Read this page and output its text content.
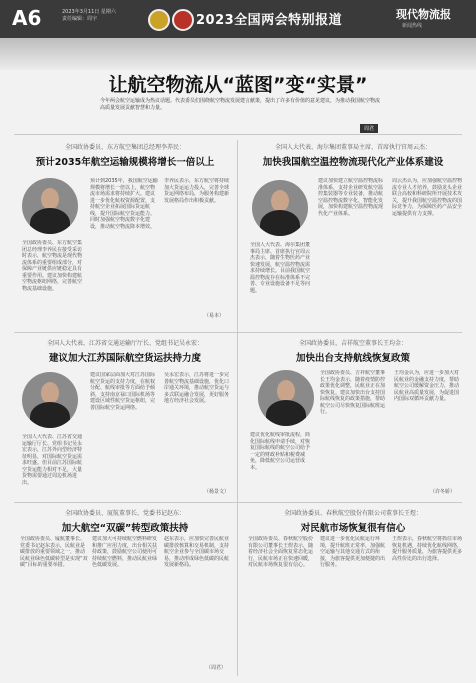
A6	2023年3月11日 星期六
责任编辑：周宇	2023全国两会特别报道	现代物流报
新闻热线
让航空物流从“蓝图”变“实景”
今年两会航空运输成为热议话题。代表委员们围绕航空物流发展建言献策，提出了许多有价值的意见建议，为推动我国航空物流高质量发展贡献智慧和力量。
周君
全国政协委员、东方航空集团总经理李养民：
预计2035年航空运输规模将增长一倍以上
全国政协委员、东方航空集团总经理李养民在接受采访时表示，航空物流是现代物流体系的重要组成部分，对保障产业链供应链稳定具有重要作用。建议加快构建航空物流枢纽网络，完善航空物流基础设施。
预计到2035年，我国航空运输规模将增长一倍以上，航空物流市场需求将持续扩大。建议进一步优化航权资源配置，支持航空企业拓展国际货运航线，提升国际航空货运能力。同时加强航空物流数字化建设，推动航空物流降本增效。
李养民表示，东方航空将持续加大货运运力投入，完善全球货运网络布局，为服务构建新发展格局作出积极贡献。
（易本）
全国人大代表、海尔集团董事局主席、首席执行官周云杰：
加快我国航空温控物流现代化产业体系建设
全国人大代表、海尔集团董事局主席、首席执行官周云杰表示，随着生物医药产业快速发展，航空温控物流需求持续增长。目前我国航空温控物流存在标准体系不完善、专业设施设备不足等问题。
建议加快建立航空温控物流标准体系，支持企业研发航空温控集装器等专业装备，推动航空温控物流数字化、智能化发展，加快构建航空温控物流现代化产业体系。
周云杰认为，应加强航空温控物流专业人才培养，鼓励龙头企业联合高校和科研院所开展技术攻关，提升我国航空温控物流的国际竞争力，为保障医药产品安全运输提供有力支撑。
全国人大代表、江苏省交通运输厅厅长、党组书记吴永宏：
建议加大江苏国际航空货运扶持力度
全国人大代表、江苏省交通运输厅厅长、党组书记吴永宏表示，江苏外向型经济特征明显，对国际航空货运需求旺盛。但目前江苏国际航空货运能力相对不足，大量货物需要通过周边机场进出。
建议国家层面加大对江苏国际航空货运的支持力度，在航权分配、航线审批等方面给予倾斜，支持南京禄口国际机场等建设区域性航空货运枢纽，完善国际航空货运网络。
吴永宏表示，江苏将进一步完善航空物流基础设施，优化口岸通关环境，推动航空货运与多式联运融合发展，更好服务地方经济社会发展。
（杨景文）
全国政协委员、吉祥航空董事长王均金：
加快出台支持航线恢复政策
全国政协委员、吉祥航空董事长王均金表示，随着疫情防控政策优化调整，民航业正在加快恢复。建议加快出台支持国际航线恢复的政策措施，帮助航空公司尽快恢复国际航班运行。
建议优化航线审批流程，简化国际航线申请手续，对恢复国际航线的航空公司给予一定的财政补贴和税费减免，降低航空公司运营成本。
王均金认为，应进一步加大对民航业的金融支持力度，帮助航空公司缓解资金压力，推动民航业高质量发展，为促进国内国际双循环贡献力量。
（许冬娇）
全国政协委员、厦航董事长、党委书记赵东：
加大航空“双碳”转型政策扶持
全国政协委员、厦航董事长、党委书记赵东表示，民航业是碳排放的重要领域之一，推动民航业绿色低碳转型是实现“双碳”目标的重要举措。
建议加大可持续航空燃料研发和推广应用力度，出台相关扶持政策，鼓励航空公司使用可持续航空燃料，推动民航业绿色低碳发展。
赵东表示，应加快完善民航业碳排放核算和交易机制，支持航空企业参与全国碳市场交易，推动形成绿色低碳的民航发展新格局。
（周君）
全国政协委员、春秋航空股份有限公司董事长王煜：
对民航市场恢复很有信心
全国政协委员、春秋航空股份有限公司董事长王煜表示，随着经济社会全面恢复常态化运行，民航市场正在快速回暖，对民航市场恢复很有信心。
建议进一步优化民航运行环境，提升航班正常率，加强航空运输与其他交通方式的衔接，为旅客提供更加便捷的出行服务。
王煜表示，春秋航空将抓住市场恢复机遇，持续优化航线网络，提升服务质量，为旅客提供更多高性价比的出行选择。
